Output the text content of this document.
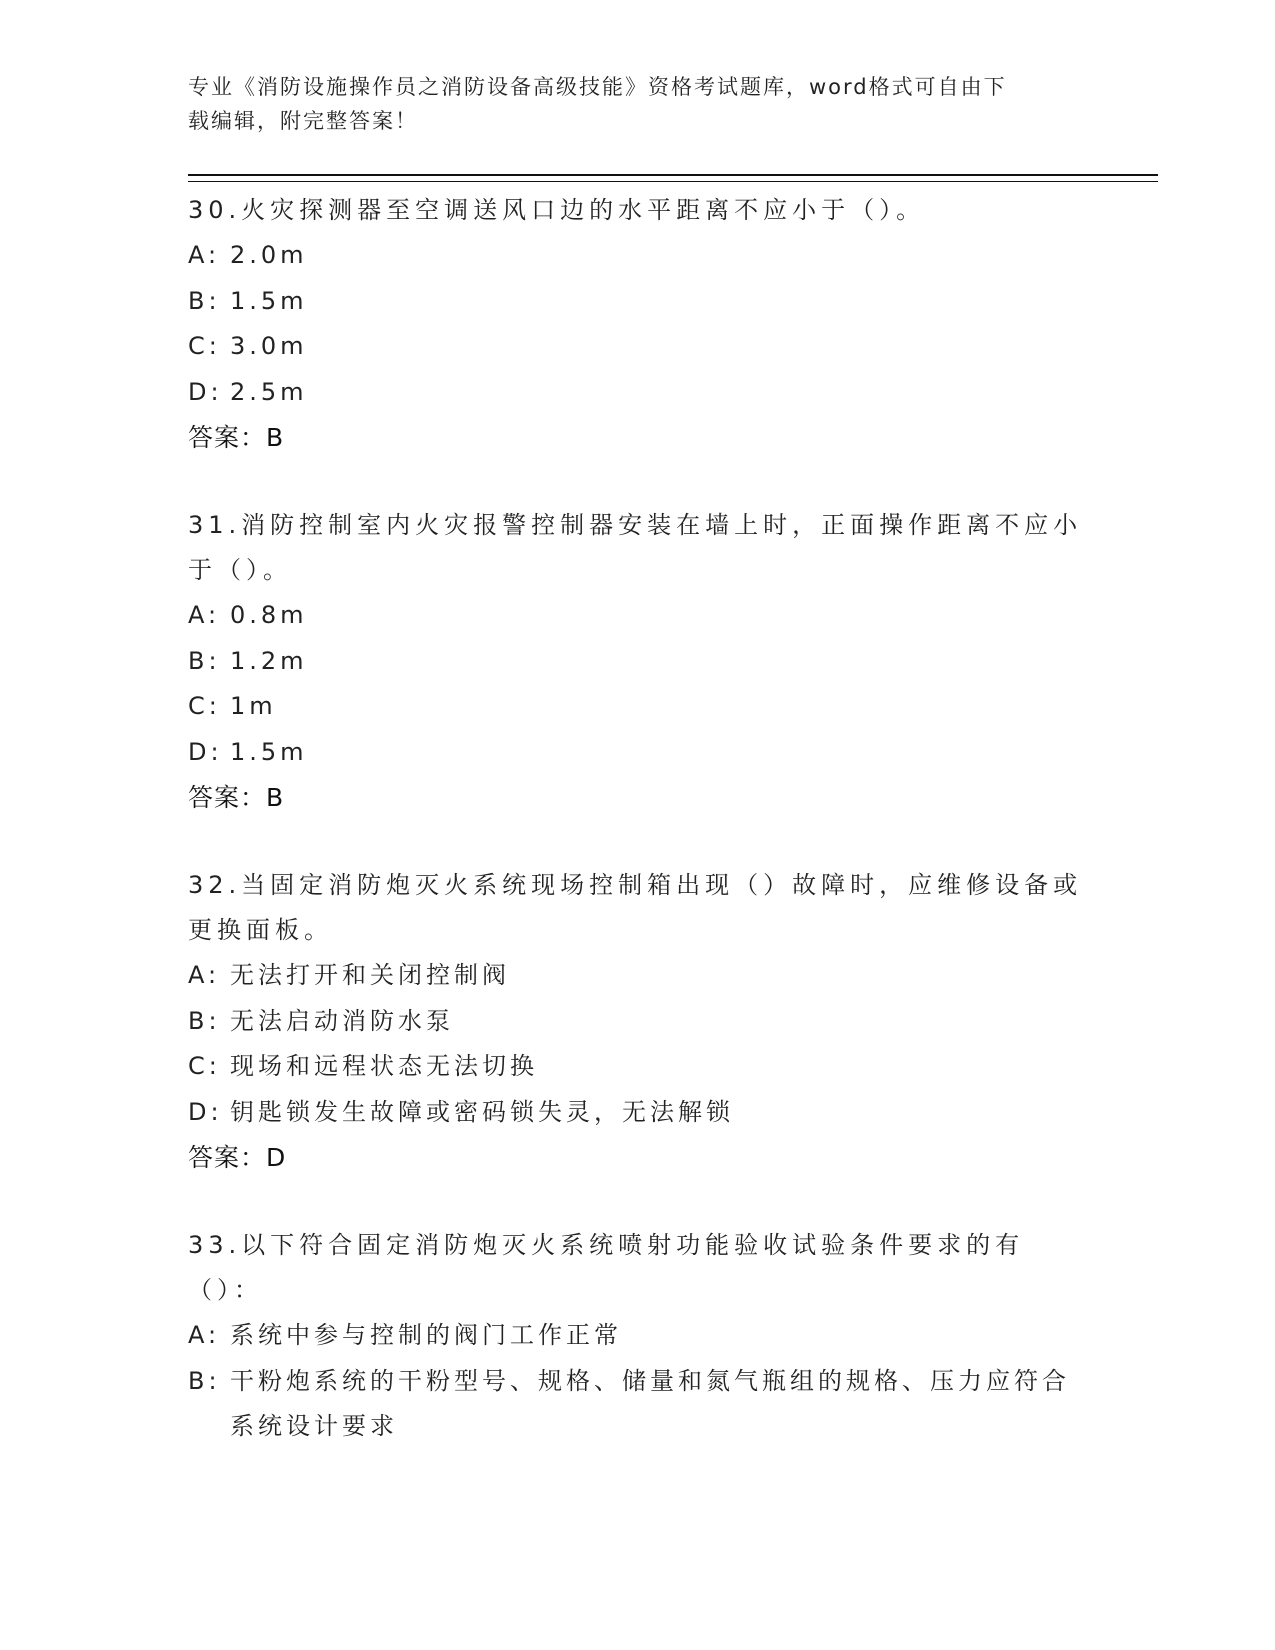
专业《消防设施操作员之消防设备高级技能》资格考试题库，word格式可自由下
载编辑，附完整答案！

30.火灾探测器至空调送风口边的水平距离不应小于（）。

A: 2.0m
B: 1.5m
C: 3.0m
D: 2.5m
答案：B

31.消防控制室内火灾报警控制器安装在墙上时，正面操作距离不应小于（）。

A: 0.8m
B: 1.2m
C: 1m
D: 1.5m
答案：B

32.当固定消防炮灭火系统现场控制箱出现（）故障时，应维修设备或更换面板。

A: 无法打开和关闭控制阀
B: 无法启动消防水泵
C: 现场和远程状态无法切换
D: 钥匙锁发生故障或密码锁失灵，无法解锁
答案：D

33.以下符合固定消防炮灭火系统喷射功能验收试验条件要求的有（）：

A: 系统中参与控制的阀门工作正常
B: 干粉炮系统的干粉型号、规格、储量和氮气瓶组的规格、压力应符合系统设计要求
